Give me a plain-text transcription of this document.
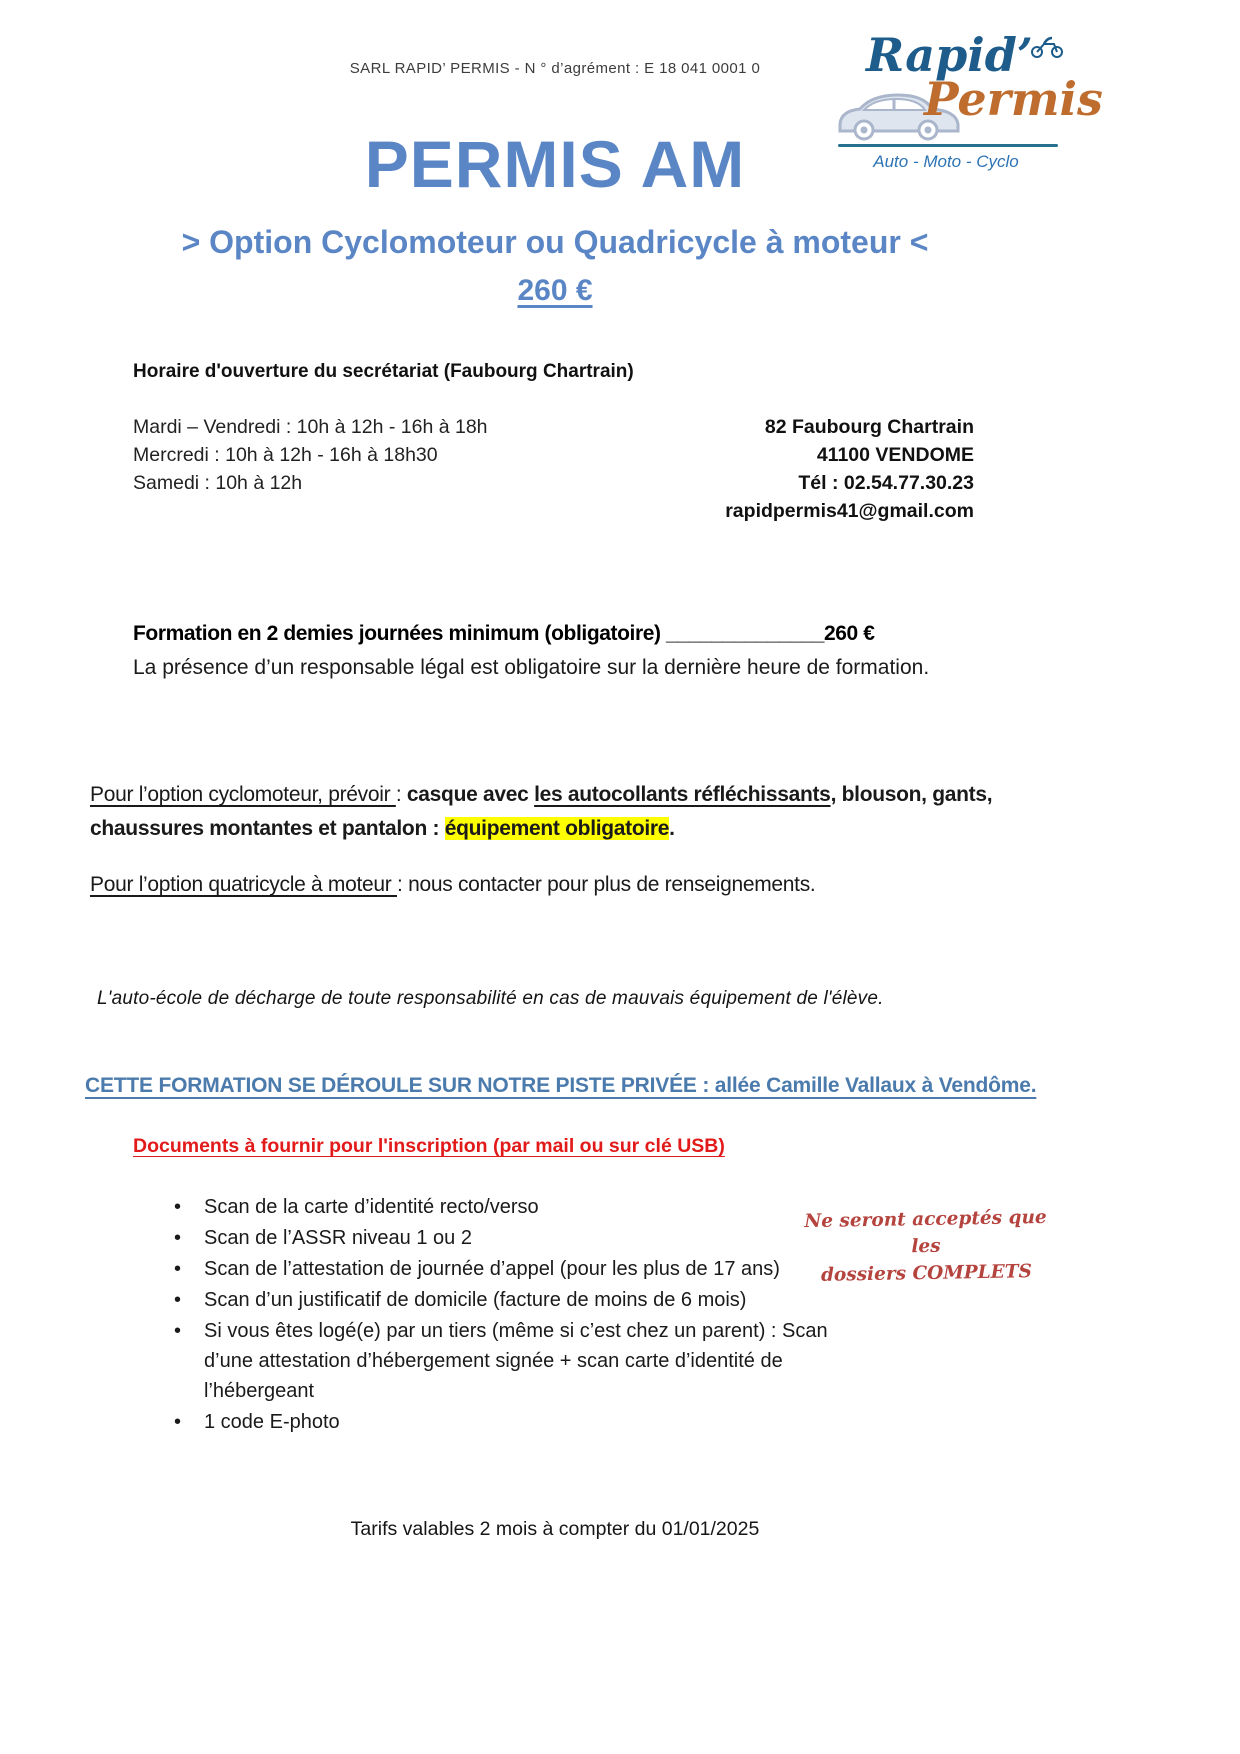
SARL RAPID’ PERMIS - N ° d’agrément : E 18 041 0001 0	Rapid’
Permis
Auto - Moto - Cyclo
PERMIS AM
> Option Cyclomoteur ou Quadricycle à moteur <
260 €
Horaire d'ouverture du secrétariat (Faubourg Chartrain)
Mardi – Vendredi : 10h à 12h - 16h à 18h
Mercredi : 10h à 12h - 16h à 18h30
Samedi : 10h à 12h
82 Faubourg Chartrain
41100 VENDOME
Tél : 02.54.77.30.23
rapidpermis41@gmail.com
Formation en 2 demies journées minimum (obligatoire) ______________260 €
La présence d’un responsable légal est obligatoire sur la dernière heure de formation.
Pour l’option cyclomoteur, prévoir : casque avec les autocollants réfléchissants, blouson, gants, chaussures montantes et pantalon : équipement obligatoire.
Pour l’option quatricycle à moteur : nous contacter pour plus de renseignements.
L'auto-école de décharge de toute responsabilité en cas de mauvais équipement de l'élève.
CETTE FORMATION SE DÉROULE SUR NOTRE PISTE PRIVÉE : allée Camille Vallaux à Vendôme.
Documents à fournir pour l'inscription (par mail ou sur clé USB)
• Scan de la carte d’identité recto/verso
• Scan de l’ASSR niveau 1 ou 2
• Scan de l’attestation de journée d’appel (pour les plus de 17 ans)
• Scan d’un justificatif de domicile (facture de moins de 6 mois)
• Si vous êtes logé(e) par un tiers (même si c’est chez un parent) : Scan d’une attestation d’hébergement signée + scan carte d’identité de l’hébergeant
• 1 code E-photo
Ne seront acceptés que les
dossiers COMPLETS
Tarifs valables 2 mois à compter du 01/01/2025
